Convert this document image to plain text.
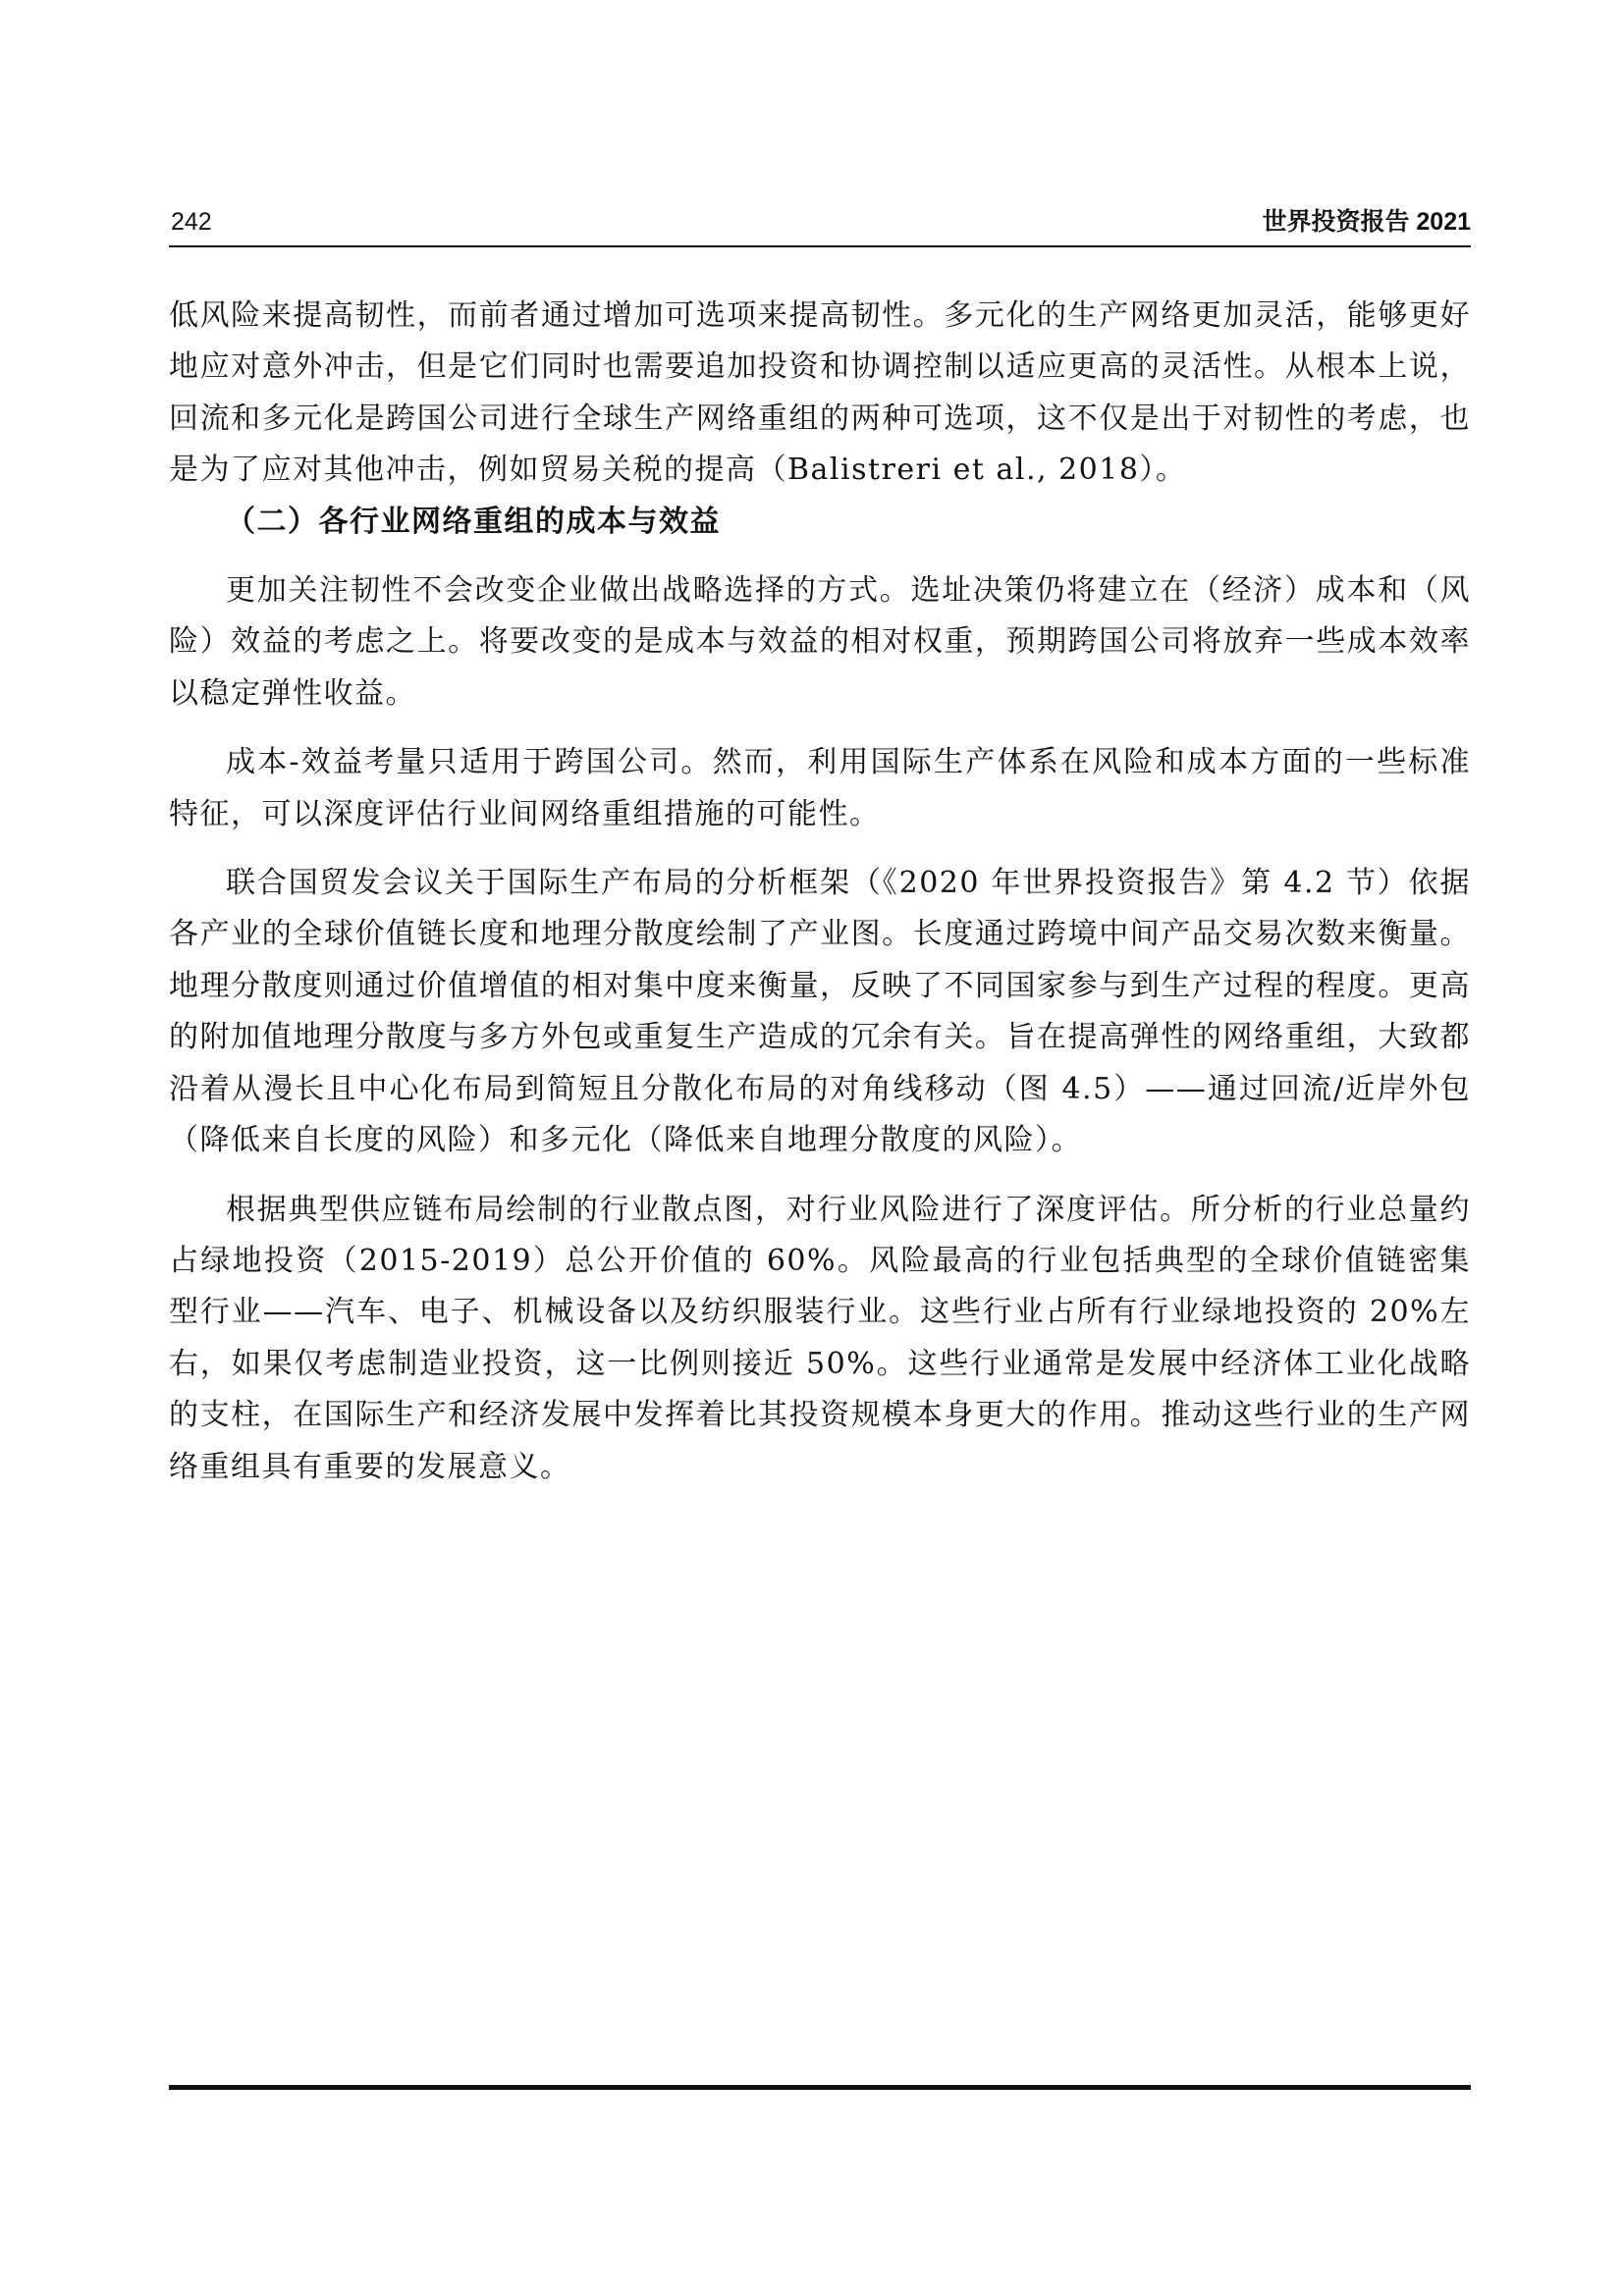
242	世界投资报告 2021

低风险来提高韧性，而前者通过增加可选项来提高韧性。多元化的生产网络更加灵活，能够更好地应对意外冲击，但是它们同时也需要追加投资和协调控制以适应更高的灵活性。从根本上说，回流和多元化是跨国公司进行全球生产网络重组的两种可选项，这不仅是出于对韧性的考虑，也是为了应对其他冲击，例如贸易关税的提高（Balistreri et al., 2018）。

（二）各行业网络重组的成本与效益

更加关注韧性不会改变企业做出战略选择的方式。选址决策仍将建立在（经济）成本和（风险）效益的考虑之上。将要改变的是成本与效益的相对权重，预期跨国公司将放弃一些成本效率以稳定弹性收益。

成本-效益考量只适用于跨国公司。然而，利用国际生产体系在风险和成本方面的一些标准特征，可以深度评估行业间网络重组措施的可能性。

联合国贸发会议关于国际生产布局的分析框架（《2020 年世界投资报告》第 4.2 节）依据各产业的全球价值链长度和地理分散度绘制了产业图。长度通过跨境中间产品交易次数来衡量。地理分散度则通过价值增值的相对集中度来衡量，反映了不同国家参与到生产过程的程度。更高的附加值地理分散度与多方外包或重复生产造成的冗余有关。旨在提高弹性的网络重组，大致都沿着从漫长且中心化布局到简短且分散化布局的对角线移动（图 4.5）——通过回流/近岸外包（降低来自长度的风险）和多元化（降低来自地理分散度的风险）。

根据典型供应链布局绘制的行业散点图，对行业风险进行了深度评估。所分析的行业总量约占绿地投资（2015-2019）总公开价值的 60%。风险最高的行业包括典型的全球价值链密集型行业——汽车、电子、机械设备以及纺织服装行业。这些行业占所有行业绿地投资的 20%左右，如果仅考虑制造业投资，这一比例则接近 50%。这些行业通常是发展中经济体工业化战略的支柱，在国际生产和经济发展中发挥着比其投资规模本身更大的作用。推动这些行业的生产网络重组具有重要的发展意义。
